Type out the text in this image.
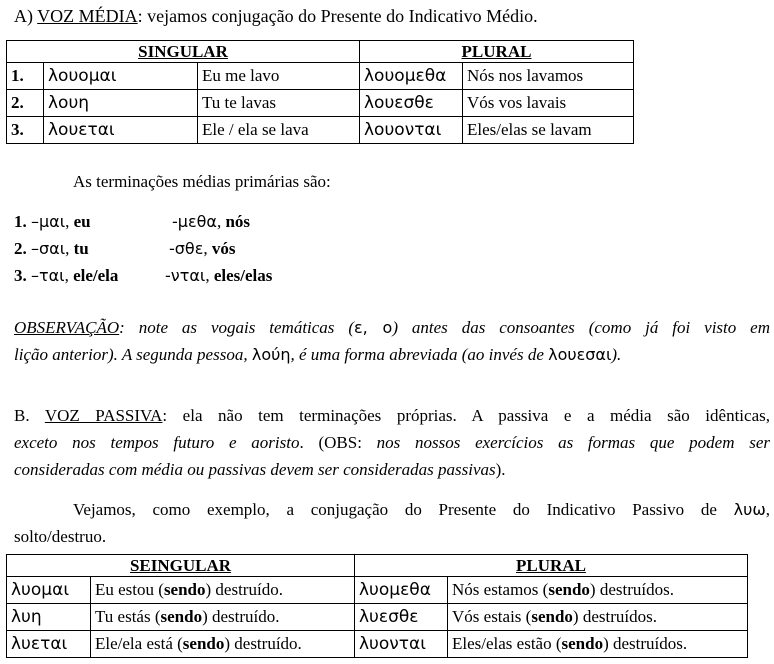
A) VOZ MÉDIA: vejamos conjugação do Presente do Indicativo Médio.
SINGULAR			PLURAL	
1.	λουομαι	Eu me lavo	λουομεθα	Nós nos lavamos
2.	λουη	Tu te lavas	λουεσθε	Vós vos lavais
3.	λουεται	Ele / ela se lava	λουονται	Eles/elas se lavam
As terminações médias primárias são:
1. –μαι, eu	-μεθα, nós
2. –σαι, tu	-σθε, vós
3. –ται, ele/ela	-νται, eles/elas
OBSERVAÇÃO: note as vogais temáticas (ε, ο) antes das consoantes (como já foi visto em
lição anterior). A segunda pessoa, λούη, é uma forma abreviada (ao invés de λουεσαι).
B. VOZ PASSIVA: ela não tem terminações próprias. A passiva e a média são idênticas,
exceto nos tempos futuro e aoristo. (OBS: nos nossos exercícios as formas que podem ser
consideradas com média ou passivas devem ser consideradas passivas).
Vejamos, como exemplo, a conjugação do Presente do Indicativo Passivo de λυω,
solto/destruo.
SEINGULAR		PLURAL	
λυομαι	Eu estou (sendo) destruído.	λυομεθα	Nós estamos (sendo) destruídos.
λυη	Tu estás (sendo) destruído.	λυεσθε	Vós estais (sendo) destruídos.
λυεται	Ele/ela está (sendo) destruído.	λυονται	Eles/elas estão (sendo) destruídos.
